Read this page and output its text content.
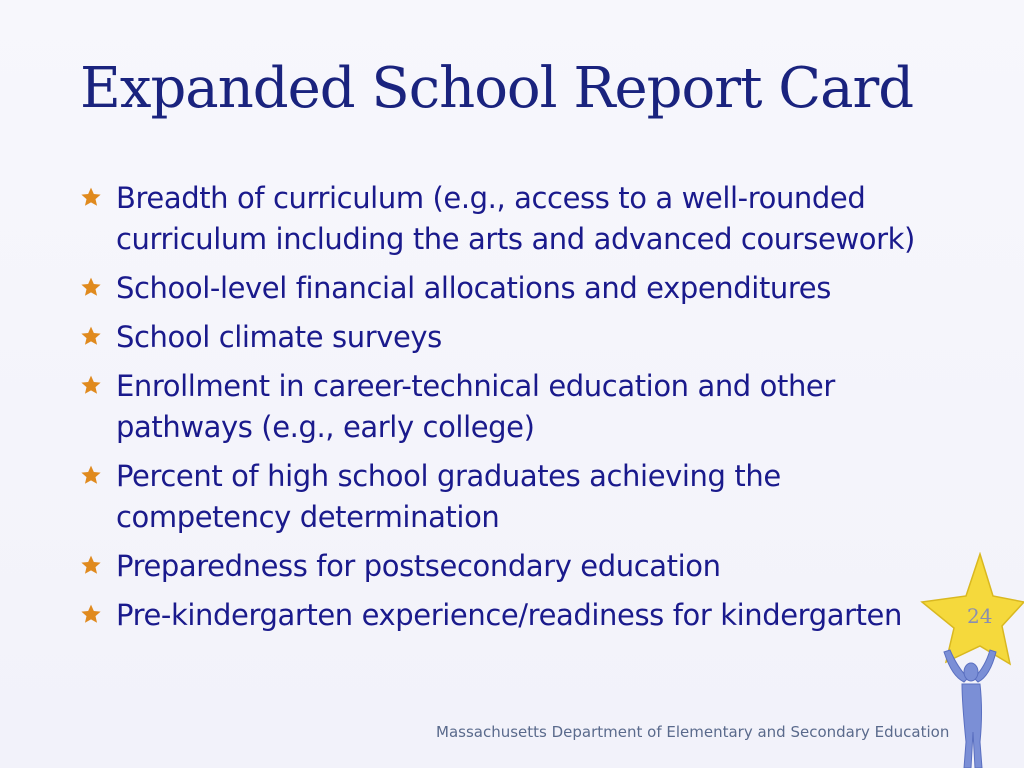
Expanded School Report Card
Breadth of curriculum (e.g., access to a well-rounded
curriculum including the arts and advanced coursework)
School-level financial allocations and expenditures
School climate surveys
Enrollment in career-technical education and other
pathways (e.g., early college)
Percent of high school graduates achieving the
competency determination
Preparedness for postsecondary education
Pre-kindergarten experience/readiness for kindergarten	24
Massachusetts Department of Elementary and Secondary Education
